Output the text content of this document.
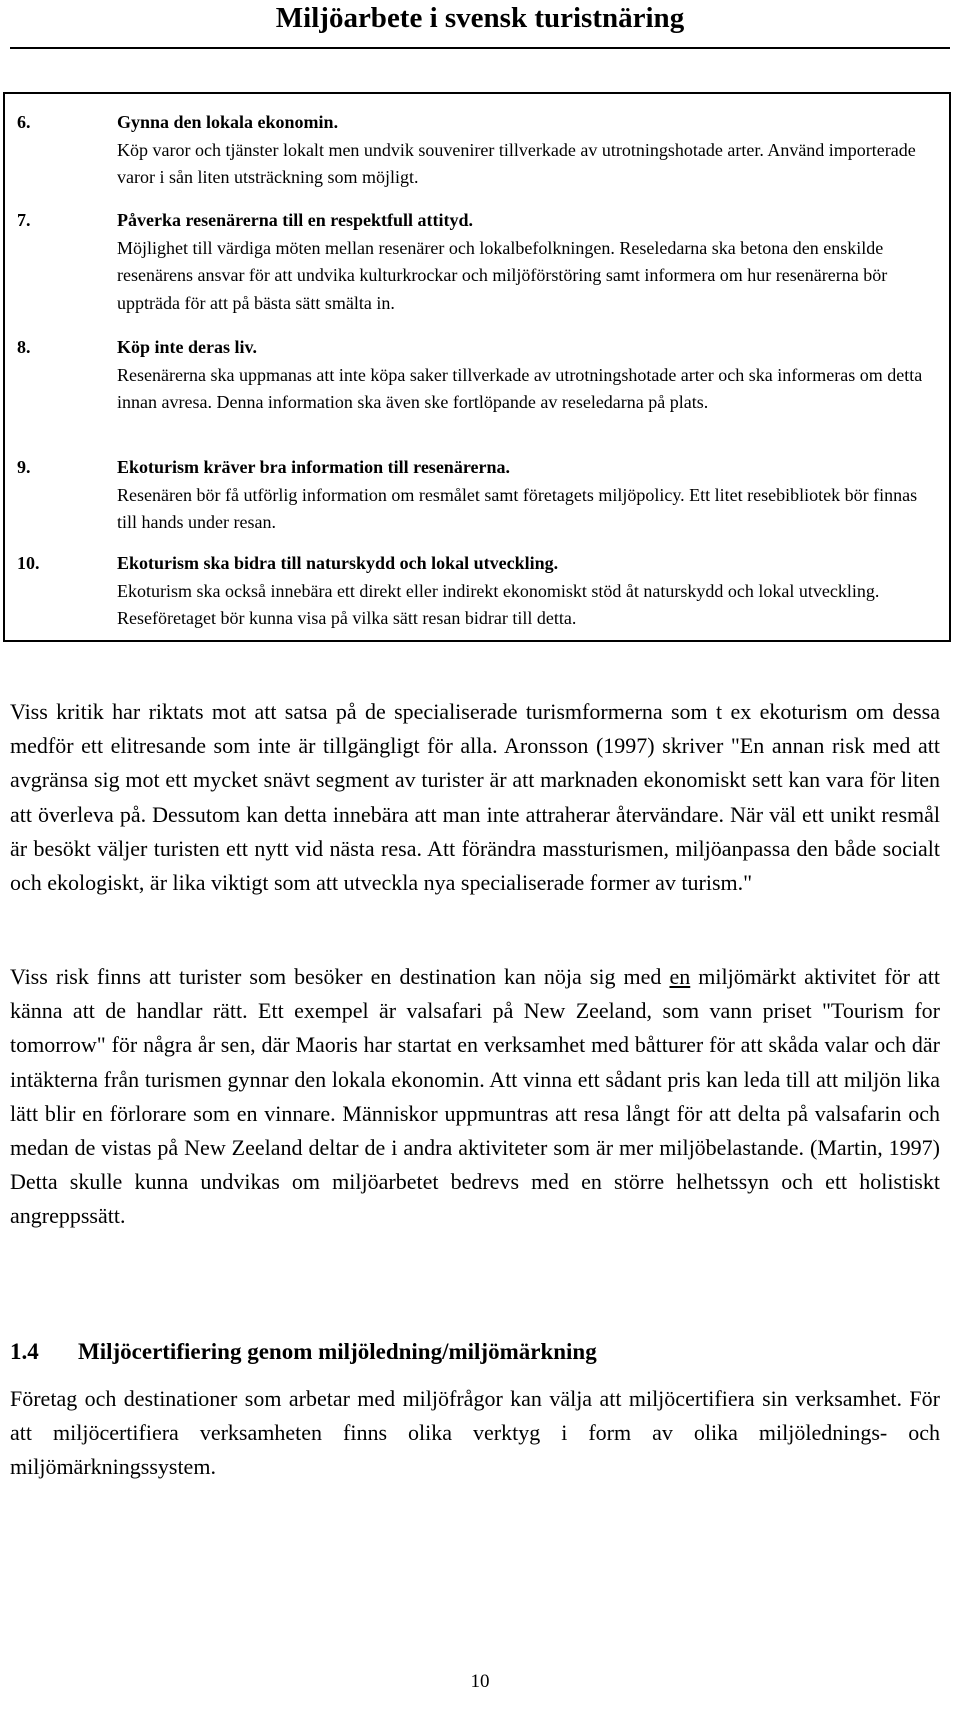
Miljöarbete i svensk turistnäring
6.	Gynna den lokala ekonomin.
Köp varor och tjänster lokalt men undvik souvenirer tillverkade av utrotningshotade arter. Använd importerade varor i sån liten utsträckning som möjligt.
7.	Påverka resenärerna till en respektfull attityd.
Möjlighet till värdiga möten mellan resenärer och lokalbefolkningen. Reseledarna ska betona den enskilde resenärens ansvar för att undvika kulturkrockar och miljöförstöring samt informera om hur resenärerna bör uppträda för att på bästa sätt smälta in.
8.	Köp inte deras liv.
Resenärerna ska uppmanas att inte köpa saker tillverkade av utrotningshotade arter och ska informeras om detta innan avresa. Denna information ska även ske fortlöpande av reseledarna på plats.
9.	Ekoturism kräver bra information till resenärerna.
Resenären bör få utförlig information om resmålet samt företagets miljöpolicy. Ett litet resebibliotek bör finnas till hands under resan.
10.	Ekoturism ska bidra till naturskydd och lokal utveckling.
Ekoturism ska också innebära ett direkt eller indirekt ekonomiskt stöd åt naturskydd och lokal utveckling. Reseföretaget bör kunna visa på vilka sätt resan bidrar till detta.

Viss kritik har riktats mot att satsa på de specialiserade turismformerna som t ex ekoturism om dessa medför ett elitresande som inte är tillgängligt för alla. Aronsson (1997) skriver "En annan risk med att avgränsa sig mot ett mycket snävt segment av turister är att marknaden ekonomiskt sett kan vara för liten att överleva på. Dessutom kan detta innebära att man inte attraherar återvändare. När väl ett unikt resmål är besökt väljer turisten ett nytt vid nästa resa. Att förändra massturismen, miljöanpassa den både socialt och ekologiskt, är lika viktigt som att utveckla nya specialiserade former av turism."

Viss risk finns att turister som besöker en destination kan nöja sig med en miljömärkt aktivitet för att känna att de handlar rätt. Ett exempel är valsafari på New Zeeland, som vann priset "Tourism for tomorrow" för några år sen, där Maoris har startat en verksamhet med båtturer för att skåda valar och där intäkterna från turismen gynnar den lokala ekonomin. Att vinna ett sådant pris kan leda till att miljön lika lätt blir en förlorare som en vinnare. Människor uppmuntras att resa långt för att delta på valsafarin och medan de vistas på New Zeeland deltar de i andra aktiviteter som är mer miljöbelastande. (Martin, 1997) Detta skulle kunna undvikas om miljöarbetet bedrevs med en större helhetssyn och ett holistiskt angreppssätt.

1.4 Miljöcertifiering genom miljöledning/miljömärkning

Företag och destinationer som arbetar med miljöfrågor kan välja att miljöcertifiera sin verksamhet. För att miljöcertifiera verksamheten finns olika verktyg i form av olika miljölednings- och miljömärkningssystem.

10
